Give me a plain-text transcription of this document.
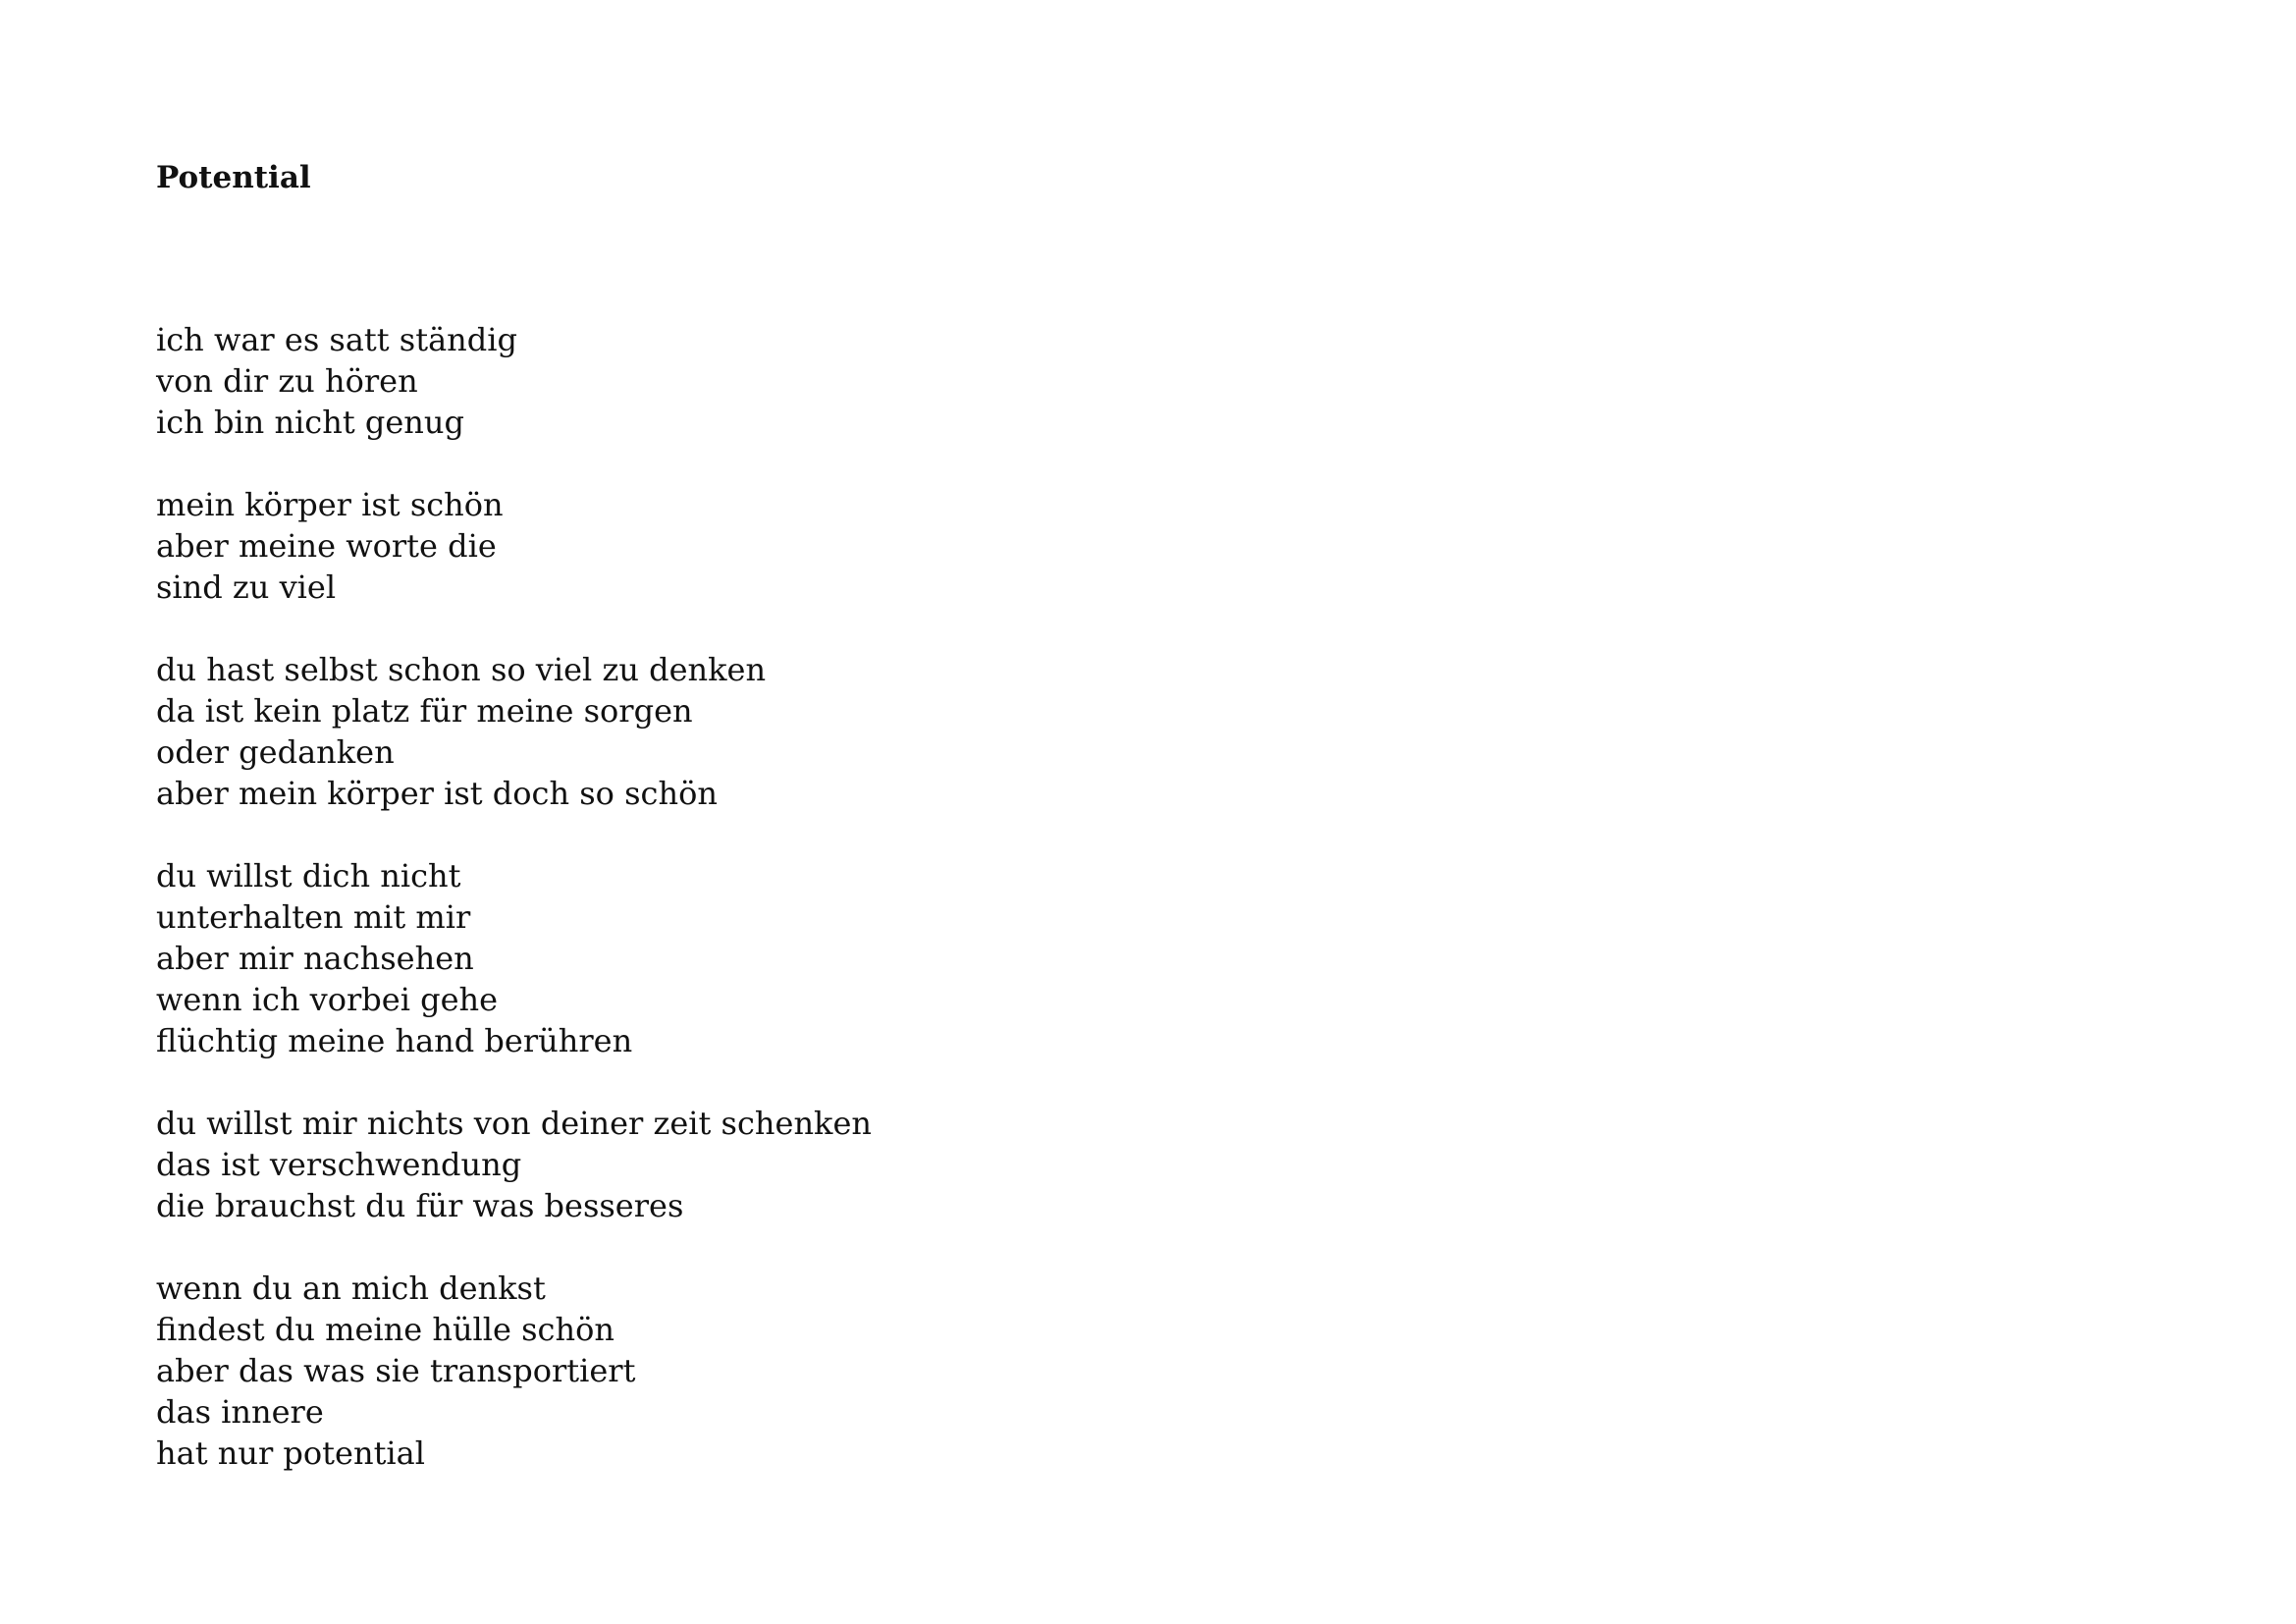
Potential
ich war es satt ständig
von dir zu hören
ich bin nicht genug
mein körper ist schön
aber meine worte die
sind zu viel
du hast selbst schon so viel zu denken
da ist kein platz für meine sorgen
oder gedanken
aber mein körper ist doch so schön
du willst dich nicht
unterhalten mit mir
aber mir nachsehen
wenn ich vorbei gehe
flüchtig meine hand berühren
du willst mir nichts von deiner zeit schenken
das ist verschwendung
die brauchst du für was besseres
wenn du an mich denkst
findest du meine hülle schön
aber das was sie transportiert
das innere
hat nur potential
